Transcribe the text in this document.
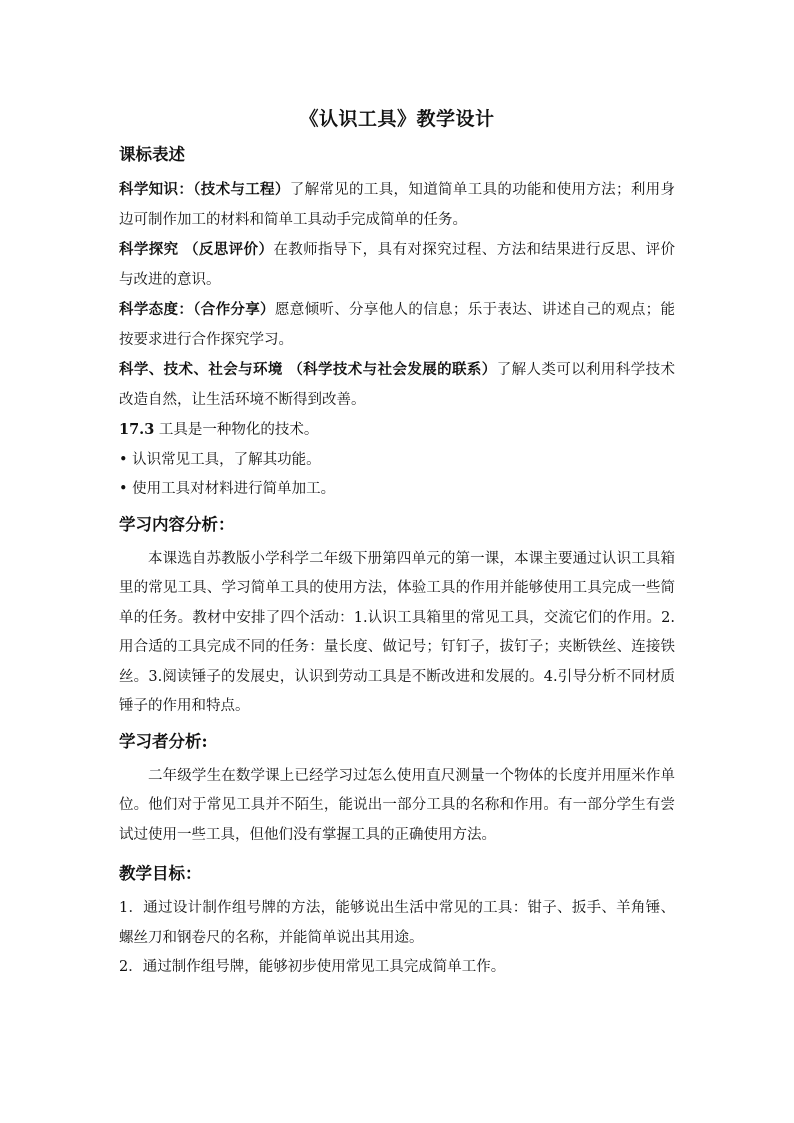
《认识工具》教学设计
课标表述

科学知识：（技术与工程）了解常见的工具，知道简单工具的功能和使用方法；利用身边可制作加工的材料和简单工具动手完成简单的任务。

科学探究 （反思评价）在教师指导下，具有对探究过程、方法和结果进行反思、评价与改进的意识。

科学态度：（合作分享）愿意倾听、分享他人的信息；乐于表达、讲述自己的观点；能按要求进行合作探究学习。

科学、技术、社会与环境 （科学技术与社会发展的联系）了解人类可以利用科学技术改造自然，让生活环境不断得到改善。

17.3 工具是一种物化的技术。

• 认识常见工具，了解其功能。

• 使用工具对材料进行简单加工。

学习内容分析：

本课选自苏教版小学科学二年级下册第四单元的第一课，本课主要通过认识工具箱里的常见工具、学习简单工具的使用方法，体验工具的作用并能够使用工具完成一些简单的任务。教材中安排了四个活动：1.认识工具箱里的常见工具，交流它们的作用。2.用合适的工具完成不同的任务：量长度、做记号；钉钉子，拔钉子；夹断铁丝、连接铁丝。3.阅读锤子的发展史，认识到劳动工具是不断改进和发展的。4.引导分析不同材质锤子的作用和特点。

学习者分析:

二年级学生在数学课上已经学习过怎么使用直尺测量一个物体的长度并用厘米作单位。他们对于常见工具并不陌生，能说出一部分工具的名称和作用。有一部分学生有尝试过使用一些工具，但他们没有掌握工具的正确使用方法。

教学目标：

1．通过设计制作组号牌的方法，能够说出生活中常见的工具：钳子、扳手、羊角锤、螺丝刀和钢卷尺的名称，并能简单说出其用途。

2．通过制作组号牌，能够初步使用常见工具完成简单工作。
